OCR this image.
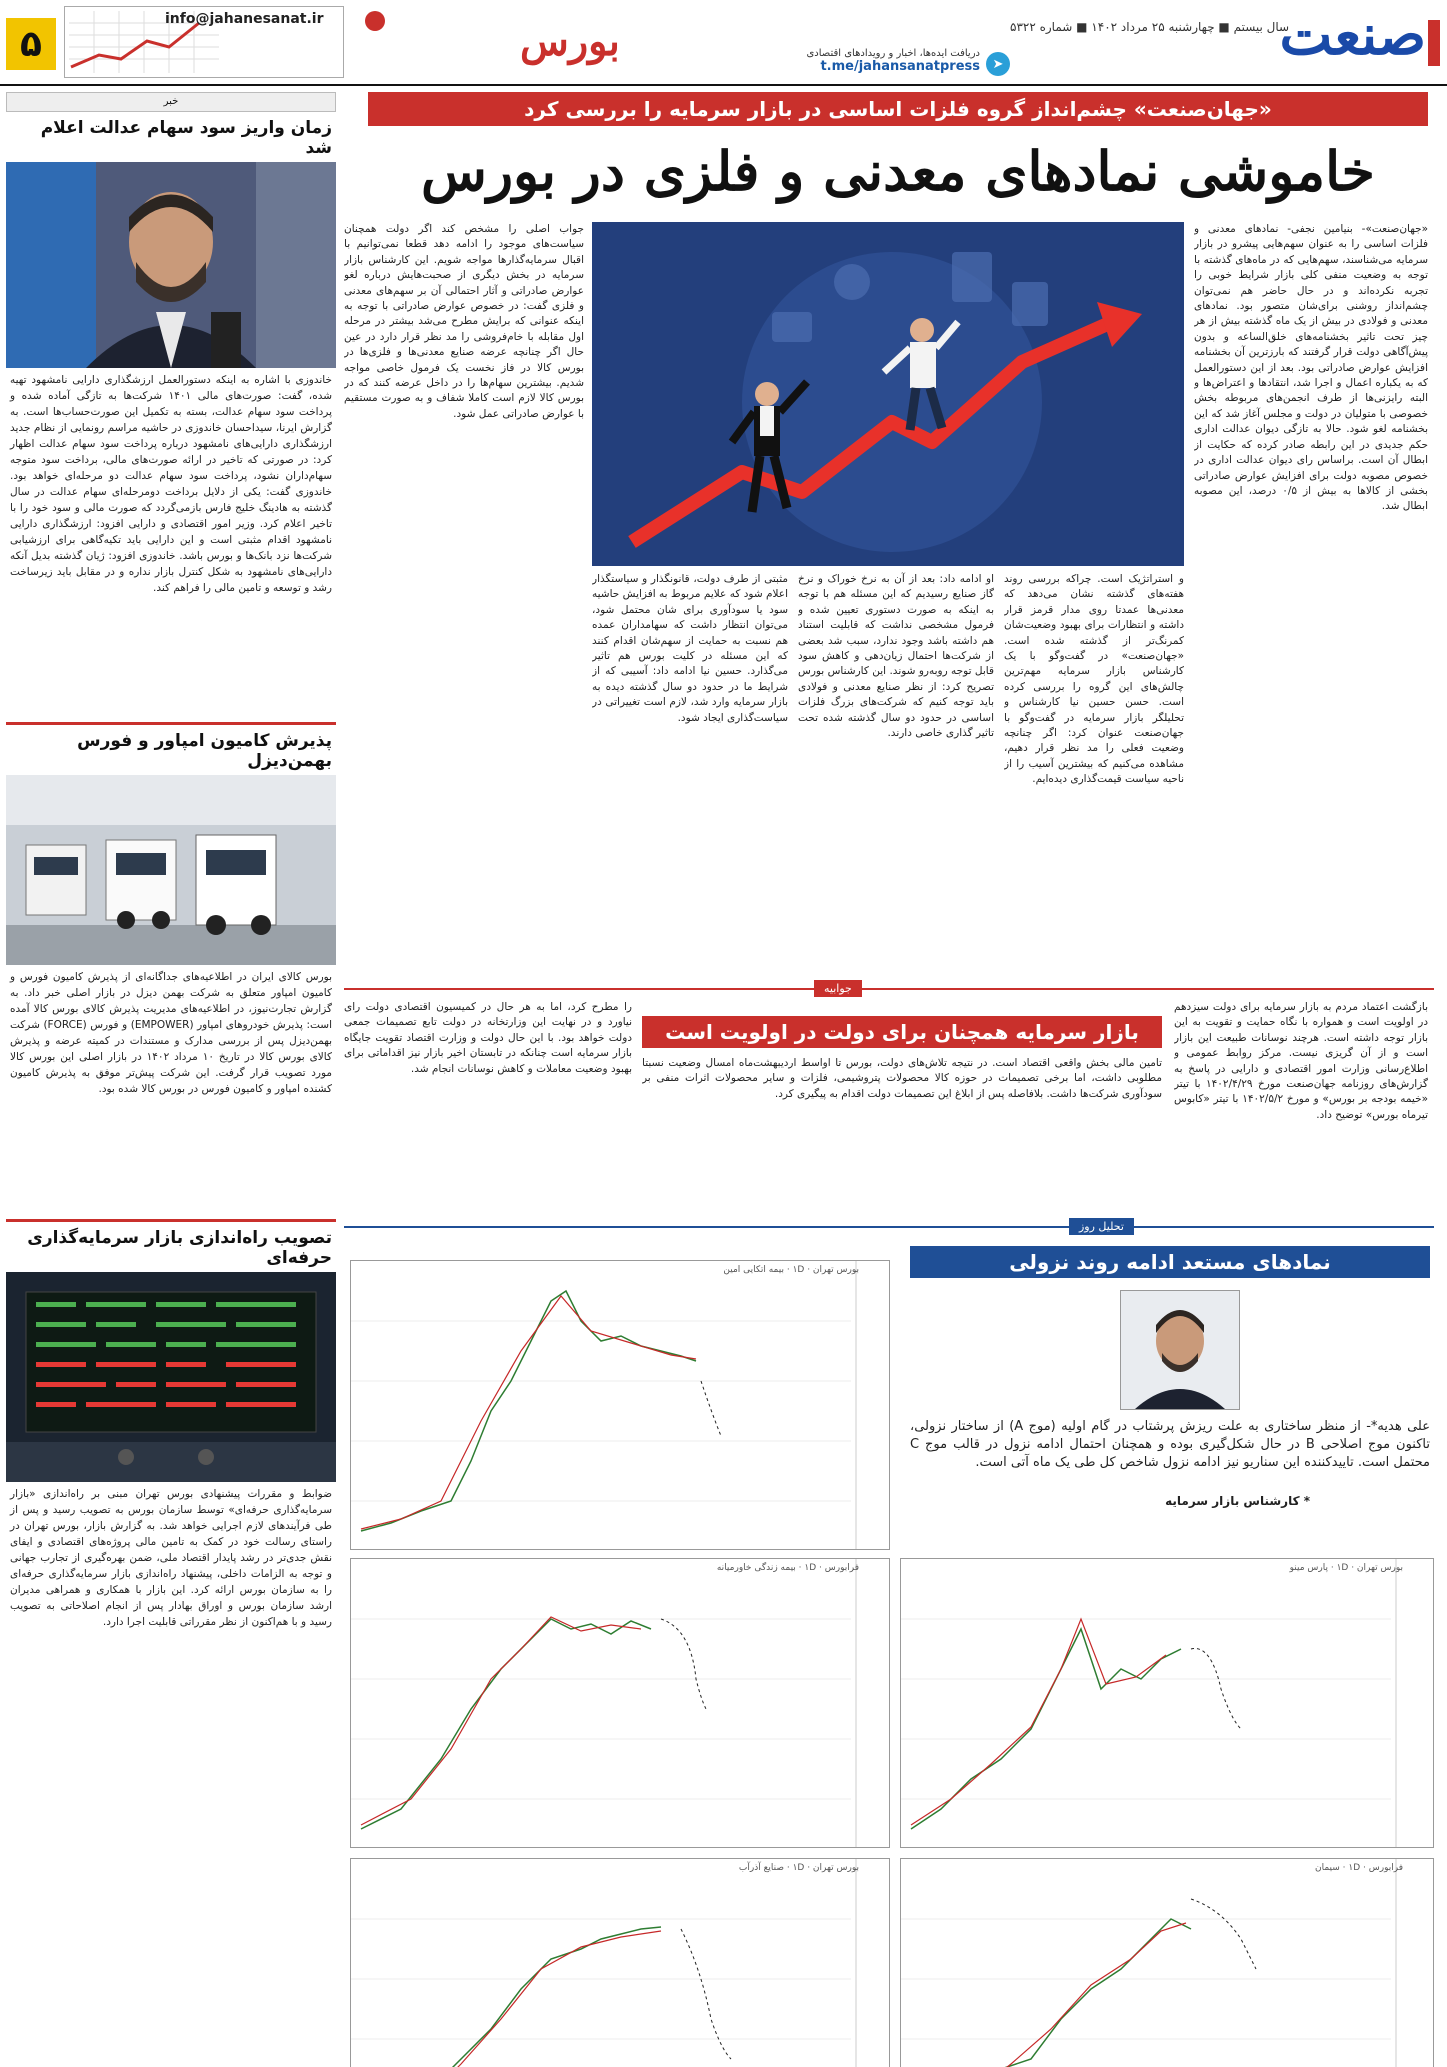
۵
info@jahanesanat.ir	بورس	دریافت ایده‌ها، اخبار و رویدادهای اقتصادی
t.me/jahansanatpress ➤
سال بیستم ■ چهارشنبه ۲۵ مرداد ۱۴۰۲ ■ شماره ۵۳۲۲
صنعت
خبر
زمان واریز سود سهام عدالت اعلام شد
خاندوزی با اشاره به اینکه دستورالعمل ارزشگذاری دارایی نامشهود تهیه شده، گفت: صورت‌های مالی ۱۴۰۱ شرکت‌ها به تازگی آماده شده و پرداخت سود سهام عدالت، بسته به تکمیل این صورت‌حساب‌ها است. به گزارش ایرنا، سیداحسان خاندوزی در حاشیه مراسم رونمایی از نظام جدید ارزشگذاری دارایی‌های نامشهود درباره پرداخت سود سهام عدالت اظهار کرد: در صورتی که تاخیر در ارائه صورت‌های مالی، برداخت سود متوجه سهام‌داران نشود، پرداخت سود سهام عدالت دو مرحله‌ای خواهد بود. خاندوزی گفت: یکی از دلایل برداخت دومرحله‌ای سهام عدالت در سال گذشته به هادینگ خلیج فارس بازمی‌گردد که صورت مالی و سود خود را با تاخیر اعلام کرد. وزیر امور اقتصادی و دارایی افزود: ارزشگذاری دارایی نامشهود اقدام مثبتی است و این دارایی باید تکیه‌گاهی برای ارزشیابی شرکت‌ها نزد بانک‌ها و بورس باشد. خاندوزی افزود: ژیان گذشته بدیل آنکه دارایی‌های نامشهود به شکل کنترل بازار نداره و در مقابل باید زیرساخت رشد و توسعه و تامین مالی را فراهم کند.
پذیرش کامیون امپاور و فورس بهمن‌دیزل
بورس کالای ایران در اطلاعیه‌های جداگانه‌ای از پذیرش کامیون فورس و کامیون امپاور متعلق به شرکت بهمن دیزل در بازار اصلی خبر داد. به گزارش تجارت‌نیوز، در اطلاعیه‌های مدیریت پذیرش کالای بورس کالا آمده است: پذیرش خودروهای امپاور (EMPOWER) و فورس (FORCE) شرکت بهمن‌دیزل پس از بررسی مدارک و مستندات در کمیته عرضه و پذیرش کالای بورس کالا در تاریخ ۱۰ مرداد ۱۴۰۲ در بازار اصلی این بورس کالا مورد تصویب قرار گرفت. این شرکت پیش‌تر موفق به پذیرش کامیون کشنده امپاور و کامیون فورس در بورس کالا شده بود.
تصویب راه‌اندازی بازار سرمایه‌گذاری حرفه‌ای
ضوابط و مقررات پیشنهادی بورس تهران مبنی بر راه‌اندازی «بازار سرمایه‌گذاری حرفه‌ای» توسط سازمان بورس به تصویب رسید و پس از طی فرآیندهای لازم اجرایی خواهد شد. به گزارش بازار، بورس تهران در راستای رسالت خود در کمک به تامین مالی پروژه‌های اقتصادی و ایفای نقش جدی‌تر در رشد پایدار اقتصاد ملی، ضمن بهره‌گیری از تجارب جهانی و توجه به الزامات داخلی، پیشنهاد راه‌اندازی بازار سرمایه‌گذاری حرفه‌ای را به سازمان بورس ارائه کرد. این بازار با همکاری و همراهی مدیران ارشد سازمان بورس و اوراق بهادار پس از انجام اصلاحاتی به تصویب رسید و با هم‌اکنون از نظر مقرراتی قابلیت اجرا دارد.
«جهان‌صنعت» چشم‌انداز گروه فلزات اساسی در بازار سرمایه را بررسی کرد
خاموشی نمادهای معدنی و فلزی در بورس
«جهان‌صنعت»- بنیامین نجفی- نمادهای معدنی و فلزات اساسی را به عنوان سهم‌هایی پیشرو در بازار سرمایه می‌شناسند، سهم‌هایی که در ماه‌های گذشته با توجه به وضعیت منفی کلی بازار شرایط خوبی را تجربه نکرده‌اند و در حال حاضر هم نمی‌توان چشم‌انداز روشنی برای‌شان متصور بود. نمادهای معدنی و فولادی در بیش از یک ماه گذشته بیش از هر چیز تحت تاثیر بخشنامه‌های خلق‌الساعه و بدون پیش‌آگاهی دولت قرار گرفتند که بارزترین آن بخشنامه افزایش عوارض صادراتی بود. بعد از این دستورالعمل که به یکباره اعمال و اجرا شد، انتقادها و اعتراض‌ها و البته رایزنی‌ها از طرف انجمن‌های مربوطه بخش خصوصی با متولیان در دولت و مجلس آغاز شد که این بخشنامه لغو شود. حالا به تازگی دیوان عدالت اداری حکم جدیدی در این رابطه صادر کرده که حکایت از ابطال آن است. براساس رای دیوان عدالت اداری در خصوص مصوبه دولت برای افزایش عوارض صادراتی بخشی از کالاها به بیش از ۰/۵ درصد، این مصوبه ابطال شد.
جواب اصلی را مشخص کند اگر دولت همچنان سیاست‌های موجود را ادامه دهد قطعا نمی‌توانیم با اقبال سرمایه‌گذارها مواجه شویم. این کارشناس بازار سرمایه در بخش دیگری از صحبت‌هایش درباره لغو عوارض صادراتی و آثار احتمالی آن بر سهم‌های معدنی و فلزی گفت: در خصوص عوارض صادراتی با توجه به اینکه عنوانی که برایش مطرح می‌شد بیشتر در مرحله اول مقابله با خام‌فروشی را مد نظر قرار دارد در عین حال اگر چنانچه عرضه صنایع معدنی‌ها و فلزی‌ها در بورس کالا در فاز نخست یک فرمول خاصی مواجه شدیم. بیشترین سهام‌ها را در داخل عرضه کنند که در بورس کالا لازم است کاملا شفاف و به صورت مستقیم با عوارض صادراتی عمل شود.
و استراتژیک است. چراکه بررسی روند هفته‌های گذشته نشان می‌دهد که معدنی‌ها عمدتا روی مدار قرمز قرار داشته و انتظارات برای بهبود وضعیت‌شان کمرنگ‌تر از گذشته شده است. «جهان‌صنعت» در گفت‌وگو با یک کارشناس بازار سرمایه مهم‌ترین چالش‌های این گروه را بررسی کرده است. حسن حسین نیا کارشناس و تحلیلگر بازار سرمایه در گفت‌وگو با جهان‌صنعت عنوان کرد: اگر چنانچه وضعیت فعلی را مد نظر قرار دهیم، مشاهده می‌کنیم که بیشترین آسیب را از ناحیه سیاست قیمت‌گذاری دیده‌ایم.
او ادامه داد: بعد از آن به نرخ خوراک و نرخ گاز صنایع رسیدیم که این مسئله هم با توجه به اینکه به صورت دستوری تعیین شده و فرمول مشخصی نداشت که قابلیت استناد هم داشته باشد وجود ندارد، سبب شد بعضی از شرکت‌ها احتمال زیان‌دهی و کاهش سود قابل توجه روبه‌رو شوند. این کارشناس بورس تصریح کرد: از نظر صنایع معدنی و فولادی باید توجه کنیم که شرکت‌های بزرگ فلزات اساسی در حدود دو سال گذشته شده تحت تاثیر گذاری خاصی دارند.
مثبتی از طرف دولت، قانونگذار و سیاستگذار اعلام شود که علایم مربوط به افزایش حاشیه سود یا سودآوری برای شان محتمل شود، می‌توان انتظار داشت که سهامداران عمده هم نسبت به حمایت از سهم‌شان اقدام کنند که این مسئله در کلیت بورس هم تاثیر می‌گذارد. حسین نیا ادامه داد: آسیبی که از شرایط ما در حدود دو سال گذشته دیده به بازار سرمایه وارد شد، لازم است تغییراتی در سیاست‌گذاری ایجاد شود.
جوابیه
بازار سرمایه همچنان برای دولت در اولویت است
بازگشت اعتماد مردم به بازار سرمایه برای دولت سیزدهم در اولویت است و همواره با نگاه حمایت و تقویت به این بازار توجه داشته است. هرچند نوسانات طبیعت این بازار است و از آن گریزی نیست. مرکز روابط عمومی و اطلاع‌رسانی وزارت امور اقتصادی و دارایی در پاسخ به گزارش‌های روزنامه جهان‌صنعت مورخ ۱۴۰۲/۴/۲۹ با تیتر «خیمه بودجه بر بورس» و مورخ ۱۴۰۲/۵/۲ با تیتر «کابوس تیرماه بورس» توضیح داد.
تامین مالی بخش واقعی اقتصاد است. در نتیجه تلاش‌های دولت، بورس تا اواسط اردیبهشت‌ماه امسال وضعیت نسبتا مطلوبی داشت، اما برخی تصمیمات در حوزه کالا محصولات پتروشیمی، فلزات و سایر محصولات اثرات منفی بر سودآوری شرکت‌ها داشت. بلافاصله پس از ابلاغ این تصمیمات دولت اقدام به پیگیری کرد.
را مطرح کرد، اما به هر حال در کمیسیون اقتصادی دولت رای نیاورد و در نهایت این وزارتخانه در دولت تابع تصمیمات جمعی دولت خواهد بود. با این حال دولت و وزارت اقتصاد تقویت جایگاه بازار سرمایه است چنانکه در تابستان اخیر بازار نیز اقداماتی برای بهبود وضعیت معاملات و کاهش نوسانات انجام شد.
تحلیل روز
نمادهای مستعد ادامه روند نزولی
علی هدیه*- از منظر ساختاری به علت ریزش پرشتاب در گام اولیه (موج A) از ساختار نزولی، تاکنون موج اصلاحی B در حال شکل‌گیری بوده و همچنان احتمال ادامه نزول در قالب موج C محتمل است. تاییدکننده این سناریو نیز ادامه نزول شاخص کل طی یک ماه آتی است.
* کارشناس بازار سرمایه
بورس تهران · ۱D · بیمه اتکایی امین
فرابورس · ۱D · بیمه زندگی خاورمیانه	بورس تهران · ۱D · پارس مینو
بورس تهران · ۱D · صنایع آذرآب	فرابورس · ۱D · سیمان
